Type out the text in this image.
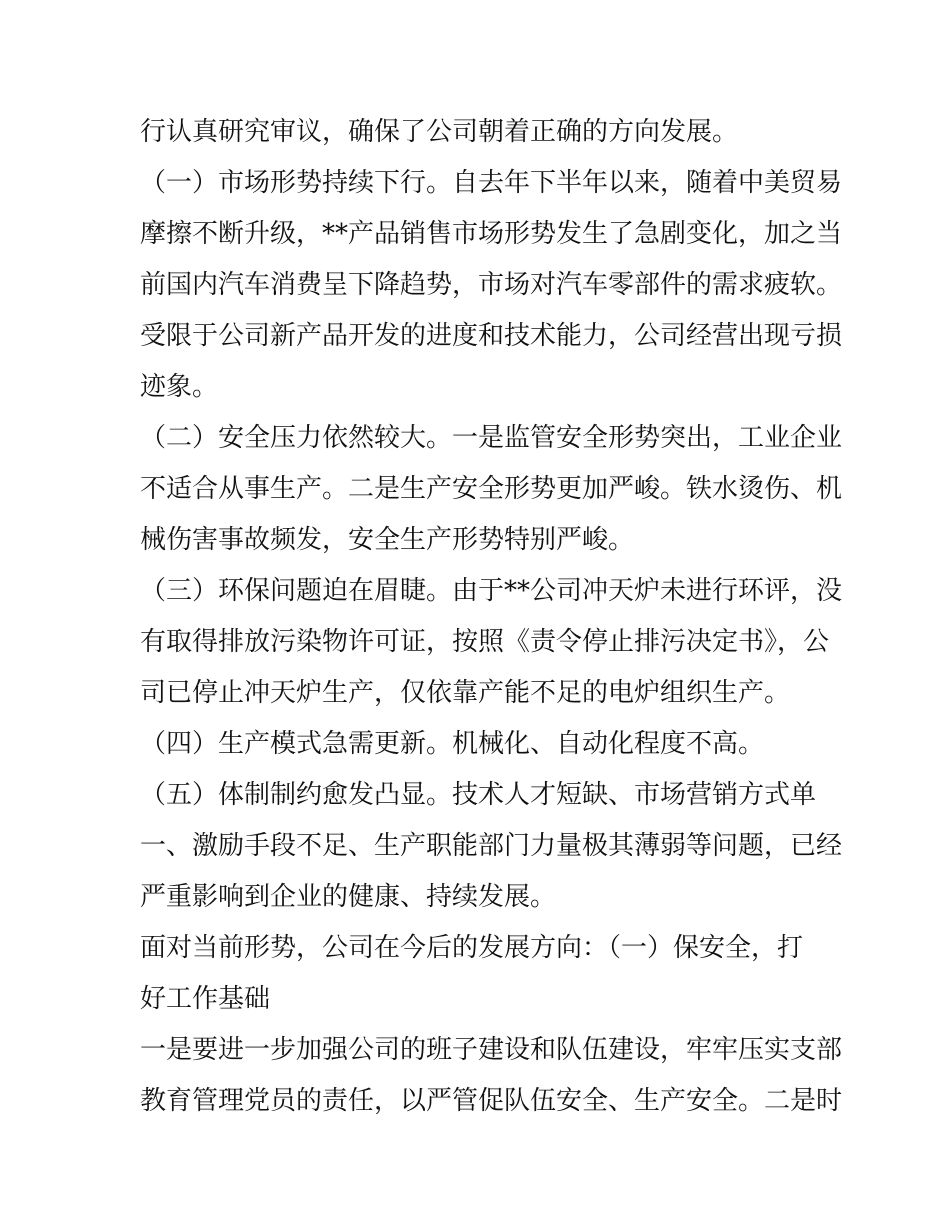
行认真研究审议，确保了公司朝着正确的方向发展。

（一）市场形势持续下行。自去年下半年以来，随着中美贸易

摩擦不断升级，**产品销售市场形势发生了急剧变化，加之当

前国内汽车消费呈下降趋势，市场对汽车零部件的需求疲软。

受限于公司新产品开发的进度和技术能力，公司经营出现亏损

迹象。

（二）安全压力依然较大。一是监管安全形势突出，工业企业

不适合从事生产。二是生产安全形势更加严峻。铁水烫伤、机

械伤害事故频发，安全生产形势特别严峻。

（三）环保问题迫在眉睫。由于**公司冲天炉未进行环评，没

有取得排放污染物许可证，按照《责令停止排污决定书》，公

司已停止冲天炉生产，仅依靠产能不足的电炉组织生产。

（四）生产模式急需更新。机械化、自动化程度不高。

（五）体制制约愈发凸显。技术人才短缺、市场营销方式单

一、激励手段不足、生产职能部门力量极其薄弱等问题，已经

严重影响到企业的健康、持续发展。

面对当前形势，公司在今后的发展方向：（一）保安全，打

好工作基础

一是要进一步加强公司的班子建设和队伍建设，牢牢压实支部

教育管理党员的责任，以严管促队伍安全、生产安全。二是时
